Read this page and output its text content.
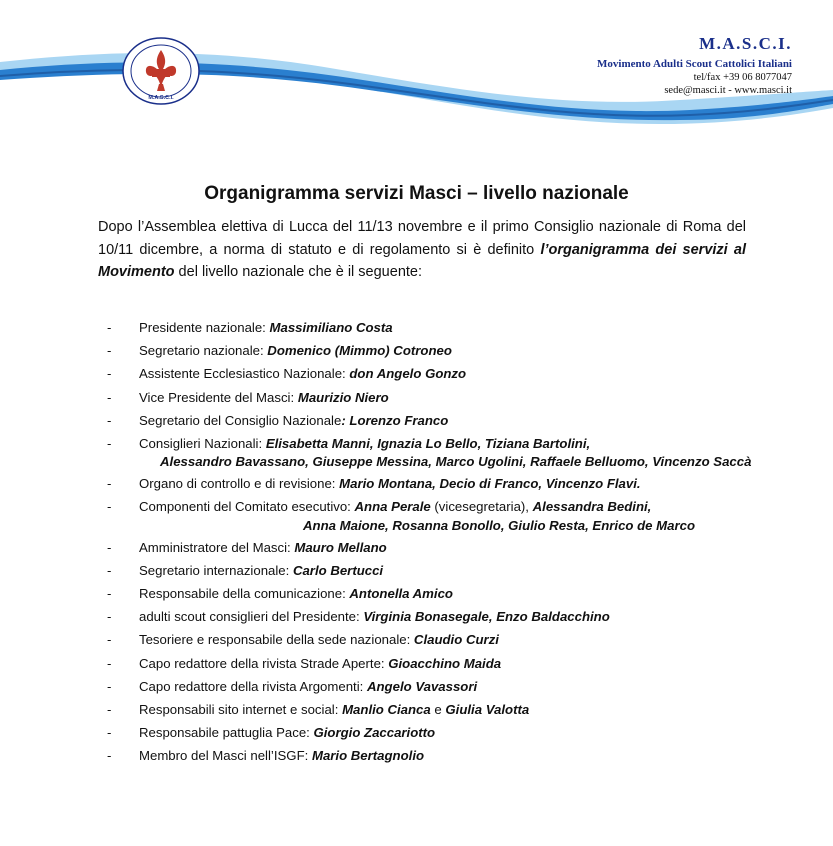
M.A.S.C.I.
M.A.S.C.I.
Movimento Adulti Scout Cattolici Italiani
tel/fax +39 06 8077047
sede@masci.it - www.masci.it
Organigramma servizi Masci – livello nazionale

Dopo l’Assemblea elettiva di Lucca del 11/13 novembre e il primo Consiglio nazionale di Roma del 10/11 dicembre, a norma di statuto e di regolamento si è definito l’organigramma dei servizi al Movimento del livello nazionale che è il seguente:

-	Presidente nazionale: Massimiliano Costa
-	Segretario nazionale: Domenico (Mimmo) Cotroneo
-	Assistente Ecclesiastico Nazionale: don Angelo Gonzo
-	Vice Presidente del Masci: Maurizio Niero
-	Segretario del Consiglio Nazionale: Lorenzo Franco
-	Consiglieri Nazionali: Elisabetta Manni, Ignazia Lo Bello, Tiziana Bartolini,
Alessandro Bavassano, Giuseppe Messina, Marco Ugolini, Raffaele Belluomo, Vincenzo Saccà
-	Organo di controllo e di revisione: Mario Montana, Decio di Franco, Vincenzo Flavi.
-	Componenti del Comitato esecutivo: Anna Perale (vicesegretaria), Alessandra Bedini,
Anna Maione, Rosanna Bonollo, Giulio Resta, Enrico de Marco
-	Amministratore del Masci: Mauro Mellano
-	Segretario internazionale: Carlo Bertucci
-	Responsabile della comunicazione: Antonella Amico
-	adulti scout consiglieri del Presidente: Virginia Bonasegale, Enzo Baldacchino
-	Tesoriere e responsabile della sede nazionale: Claudio Curzi
-	Capo redattore della rivista Strade Aperte: Gioacchino Maida
-	Capo redattore della rivista Argomenti: Angelo Vavassori
-	Responsabili sito internet e social: Manlio Cianca e Giulia Valotta
-	Responsabile pattuglia Pace: Giorgio Zaccariotto
-	Membro del Masci nell’ISGF: Mario Bertagnolio
